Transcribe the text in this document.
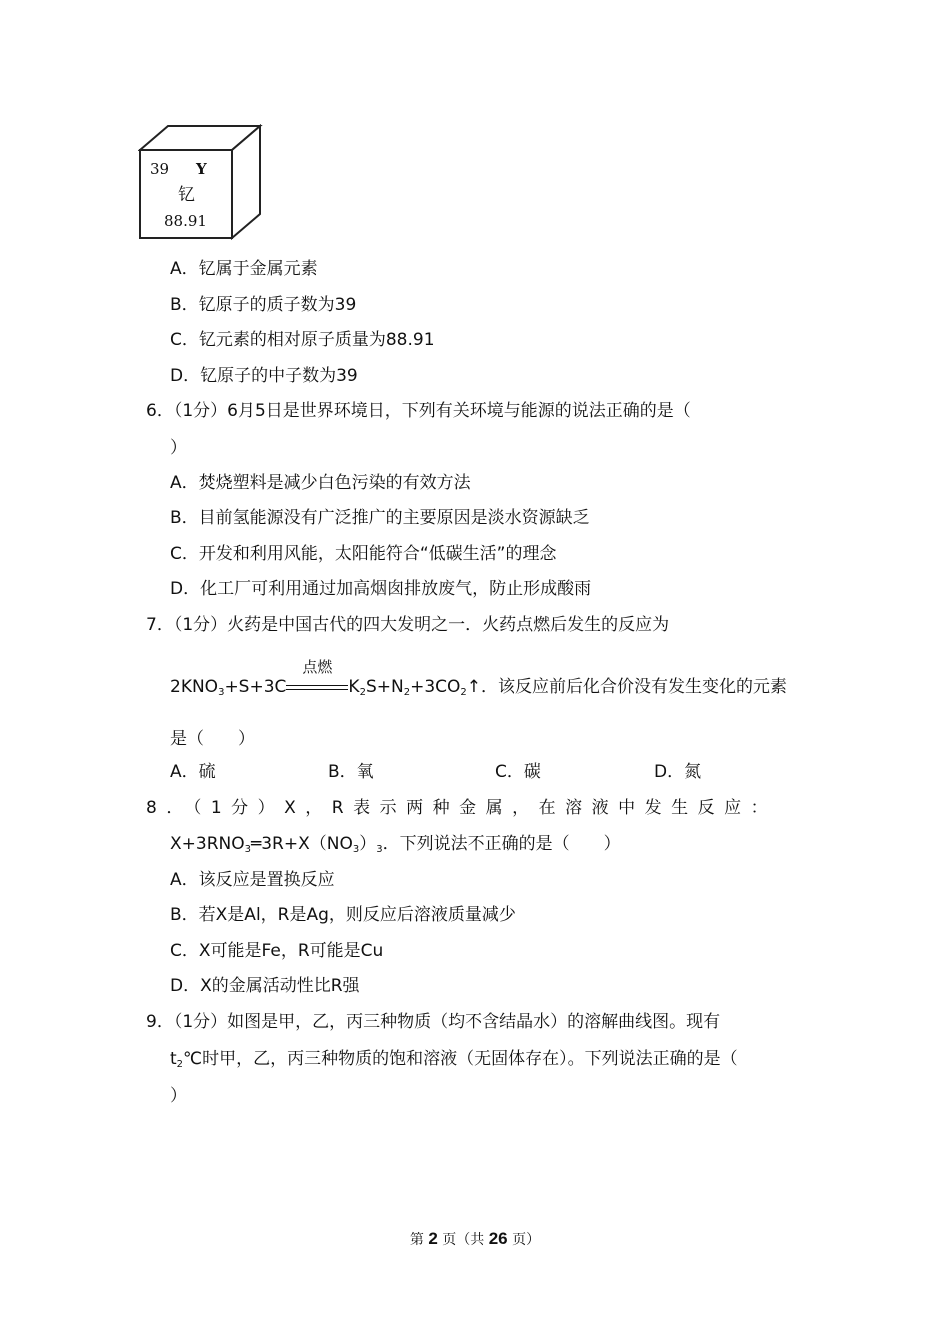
39 Y
钇
88.91
A．钇属于金属元素
B．钇原子的质子数为39
C．钇元素的相对原子质量为88.91
D．钇原子的中子数为39
6．（1分）6月5日是世界环境日，下列有关环境与能源的说法正确的是（
）
A．焚烧塑料是减少白色污染的有效方法
B．目前氢能源没有广泛推广的主要原因是淡水资源缺乏
C．开发和利用风能，太阳能符合“低碳生活”的理念
D．化工厂可利用通过加高烟囱排放废气，防止形成酸雨
7．（1分）火药是中国古代的四大发明之一．火药点燃后发生的反应为
$2KNO_3+S+3C$
点燃
$K_2S+N_2+3CO_2↑$．该反应前后化合价没有发生变化的元素
是（　　）
A．硫	B．氧	C．碳	D．氮
8．（1分）X，R表示两种金属，在溶液中发生反应：
$X+3RNO_3═3R+X(NO_3)_3$．下列说法不正确的是（　　）
A．该反应是置换反应
B．若X是Al，R是Ag，则反应后溶液质量减少
C．X可能是Fe，R可能是Cu
D．X的金属活动性比R强
9．（1分）如图是甲，乙，丙三种物质（均不含结晶水）的溶解曲线图。现有
$t_2℃$时甲，乙，丙三种物质的饱和溶液（无固体存在）。下列说法正确的是（
）
第 2 页（共 26 页）
